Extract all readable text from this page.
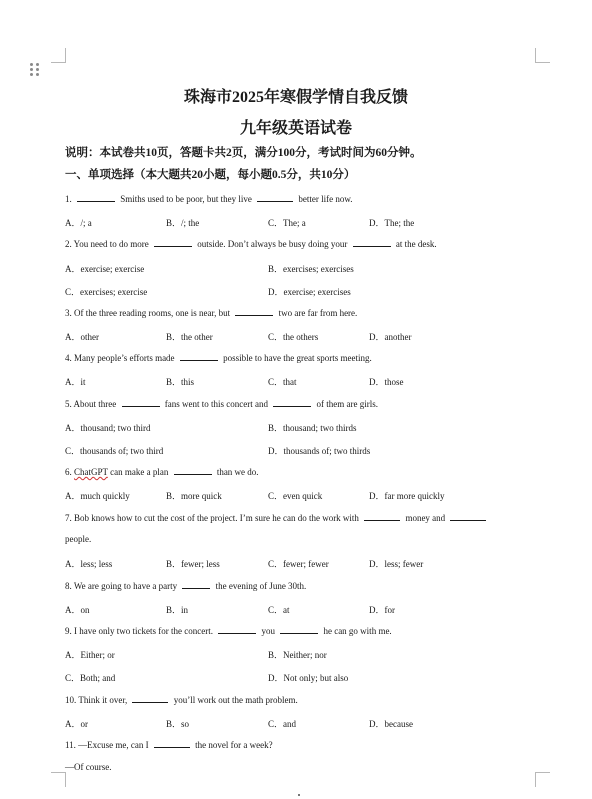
珠海市2025年寒假学情自我反馈
九年级英语试卷
说明：本试卷共10页，答题卡共2页，满分100分，考试时间为60分钟。
一、单项选择（本大题共20小题，每小题0.5分，共10分）
1.	Smiths used to be poor, but they live	better life now.
A．/; a	B．/; the	C．The; a	D．The; the
2. You need to do more	outside. Don’t always be busy doing your	at the desk.
A．exercise; exercise	B．exercises; exercises
C．exercises; exercise	D．exercise; exercises
3. Of the three reading rooms, one is near, but	two are far from here.
A．other	B．the other	C．the others	D．another
4. Many people’s efforts made	possible to have the great sports meeting.
A．it	B．this	C．that	D．those
5. About three	fans went to this concert and	of them are girls.
A．thousand; two third	B．thousand; two thirds
C．thousands of; two third	D．thousands of; two thirds
6. ChatGPT can make a plan	than we do.
A．much quickly	B．more quick	C．even quick	D．far more quickly
7. Bob knows how to cut the cost of the project. I’m sure he can do the work with	money and
people.
A．less; less	B．fewer; less	C．fewer; fewer	D．less; fewer
8. We are going to have a party	the evening of June 30th.
A．on	B．in	C．at	D．for
9. I have only two tickets for the concert.	you	he can go with me.
A．Either; or	B．Neither; nor
C．Both; and	D．Not only; but also
10. Think it over,	you’ll work out the math problem.
A．or	B．so	C．and	D．because
11. —Excuse me, can I	the novel for a week?
—Of course.
